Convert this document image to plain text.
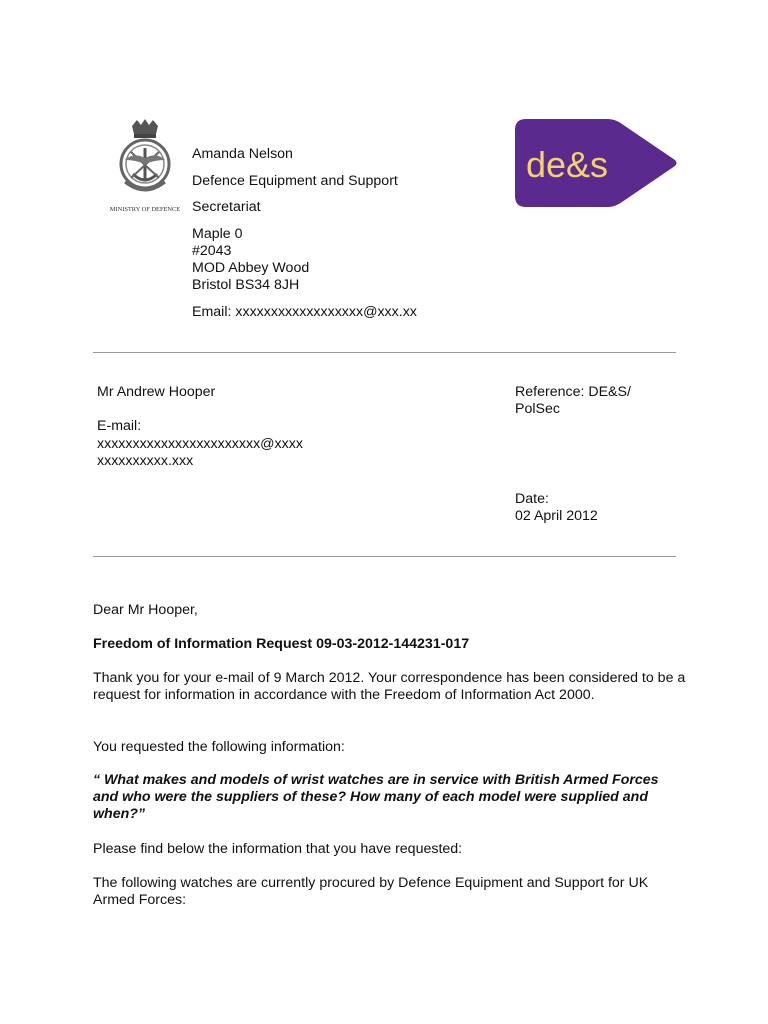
MINISTRY OF DEFENCE
de&s
Amanda Nelson
Defence Equipment and Support
Secretariat
Maple 0
#2043
MOD Abbey Wood
Bristol BS34 8JH
Email: xxxxxxxxxxxxxxxxxx@xxx.xx
Mr Andrew Hooper
E-mail:
xxxxxxxxxxxxxxxxxxxxxxx@xxxx
xxxxxxxxxx.xxx
Reference: DE&S/
PolSec
Date:
02 April 2012
Dear Mr Hooper,
Freedom of Information Request 09-03-2012-144231-017
Thank you for your e-mail of 9 March 2012. Your correspondence has been considered to be a request for information in accordance with the Freedom of Information Act 2000.
You requested the following information:
“ What makes and models of wrist watches are in service with British Armed Forces and who were the suppliers of these? How many of each model were supplied and when?”
Please find below the information that you have requested:
The following watches are currently procured by Defence Equipment and Support for UK Armed Forces:
